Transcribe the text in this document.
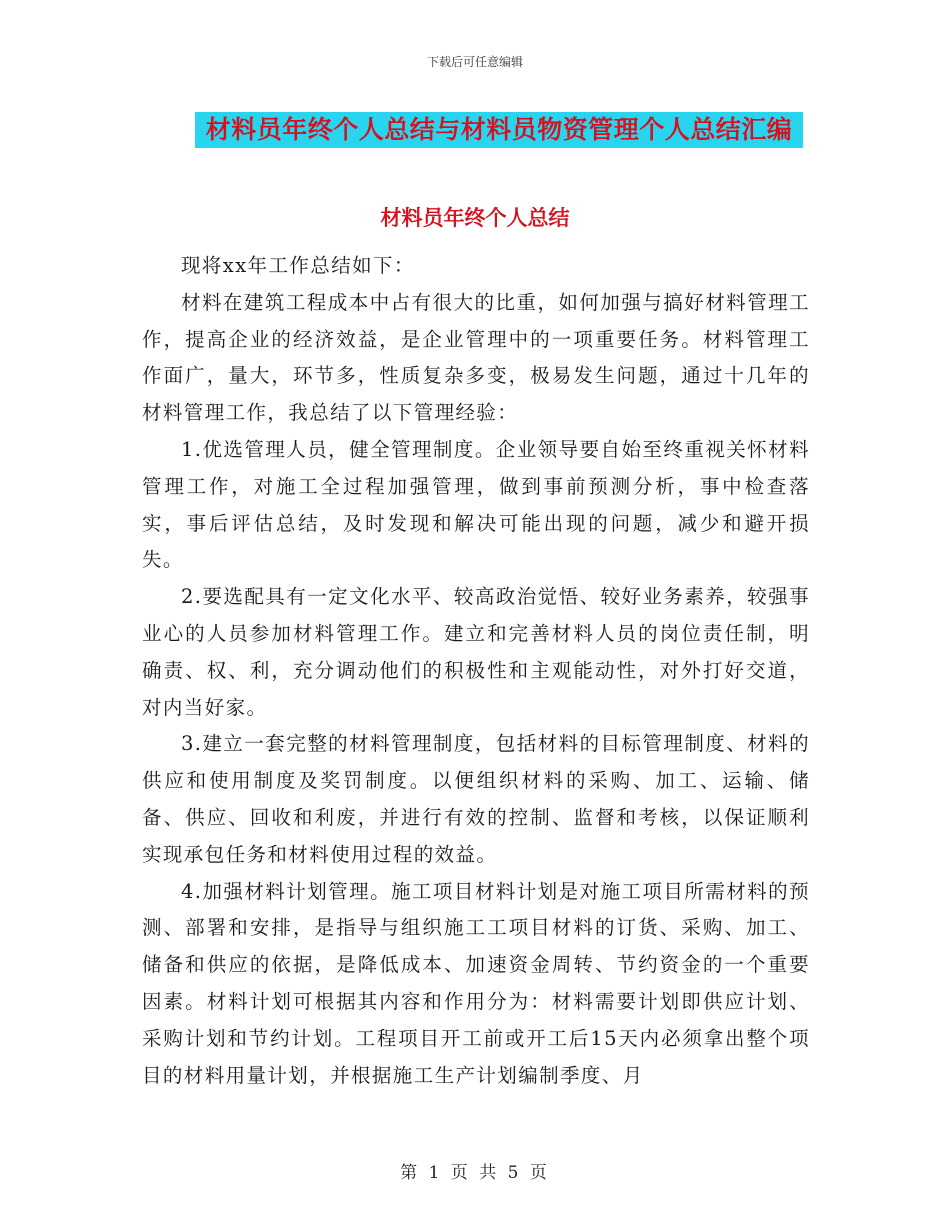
下载后可任意编辑
材料员年终个人总结与材料员物资管理个人总结汇编
材料员年终个人总结

现将xx年工作总结如下：

材料在建筑工程成本中占有很大的比重，如何加强与搞好材料管理工作，提高企业的经济效益，是企业管理中的一项重要任务。材料管理工作面广，量大，环节多，性质复杂多变，极易发生问题，通过十几年的材料管理工作，我总结了以下管理经验：

1.优选管理人员，健全管理制度。企业领导要自始至终重视关怀材料管理工作，对施工全过程加强管理，做到事前预测分析，事中检查落实，事后评估总结，及时发现和解决可能出现的问题，减少和避开损失。

2.要选配具有一定文化水平、较高政治觉悟、较好业务素养，较强事业心的人员参加材料管理工作。建立和完善材料人员的岗位责任制，明确责、权、利，充分调动他们的积极性和主观能动性，对外打好交道，对内当好家。

3.建立一套完整的材料管理制度，包括材料的目标管理制度、材料的供应和使用制度及奖罚制度。以便组织材料的采购、加工、运输、储备、供应、回收和利废，并进行有效的控制、监督和考核，以保证顺利实现承包任务和材料使用过程的效益。

4.加强材料计划管理。施工项目材料计划是对施工项目所需材料的预测、部署和安排，是指导与组织施工工项目材料的订货、采购、加工、储备和供应的依据，是降低成本、加速资金周转、节约资金的一个重要因素。材料计划可根据其内容和作用分为：材料需要计划即供应计划、采购计划和节约计划。工程项目开工前或开工后15天内必须拿出整个项目的材料用量计划，并根据施工生产计划编制季度、月

第 1 页 共 5 页
